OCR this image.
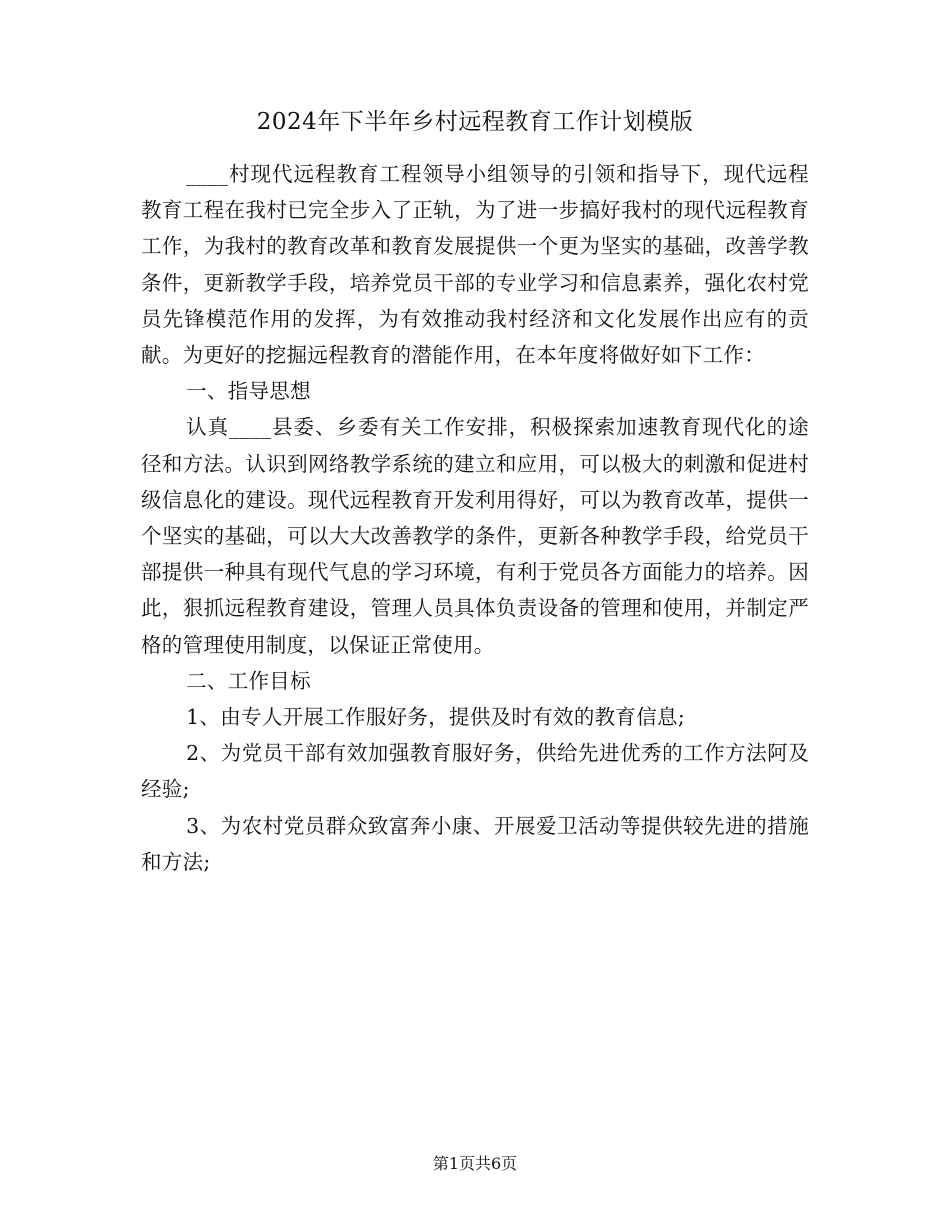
2024年下半年乡村远程教育工作计划模版

____村现代远程教育工程领导小组领导的引领和指导下，现代远程教育工程在我村已完全步入了正轨，为了进一步搞好我村的现代远程教育工作，为我村的教育改革和教育发展提供一个更为坚实的基础，改善学教条件，更新教学手段，培养党员干部的专业学习和信息素养，强化农村党员先锋模范作用的发挥，为有效推动我村经济和文化发展作出应有的贡献。为更好的挖掘远程教育的潜能作用，在本年度将做好如下工作：

一、指导思想

认真____县委、乡委有关工作安排，积极探索加速教育现代化的途径和方法。认识到网络教学系统的建立和应用，可以极大的刺激和促进村级信息化的建设。现代远程教育开发利用得好，可以为教育改革，提供一个坚实的基础，可以大大改善教学的条件，更新各种教学手段，给党员干部提供一种具有现代气息的学习环境，有利于党员各方面能力的培养。因此，狠抓远程教育建设，管理人员具体负责设备的管理和使用，并制定严格的管理使用制度，以保证正常使用。

二、工作目标

1、由专人开展工作服好务，提供及时有效的教育信息;

2、为党员干部有效加强教育服好务，供给先进优秀的工作方法阿及经验;

3、为农村党员群众致富奔小康、开展爱卫活动等提供较先进的措施和方法;

第1页共6页
